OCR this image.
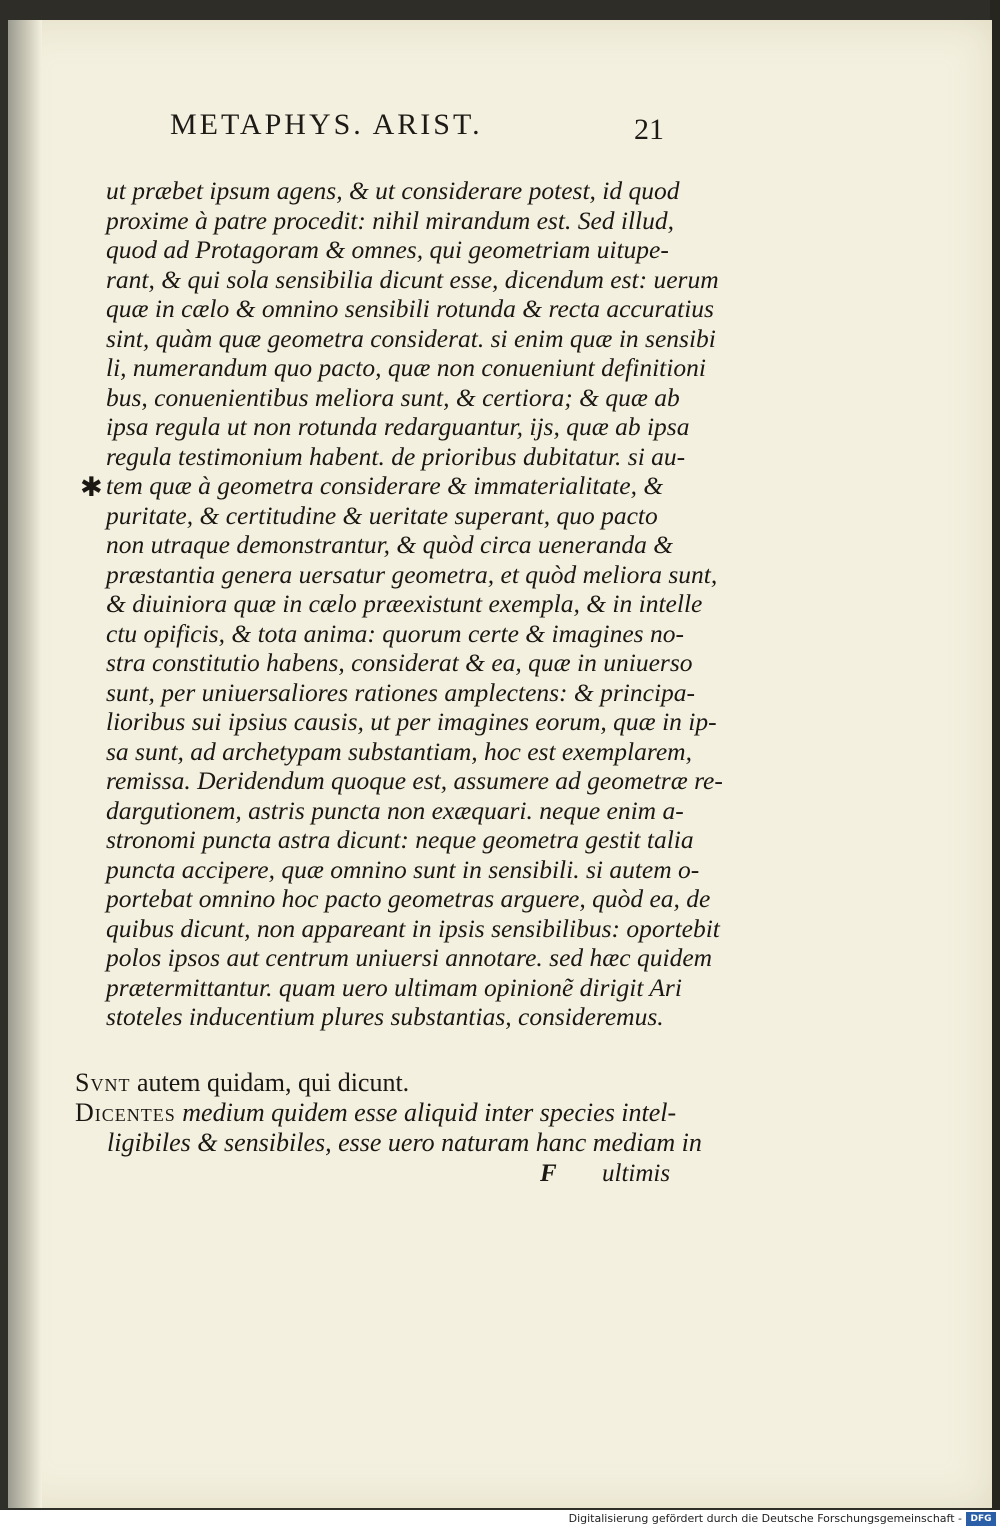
METAPHYS. ARIST.	21
✱
ut præbet ipsum agens, & ut considerare potest, id quod
proxime à patre procedit: nihil mirandum est. Sed illud,
quod ad Protagoram & omnes, qui geometriam uitupe-
rant, & qui sola sensibilia dicunt esse, dicendum est: uerum
quæ in cælo & omnino sensibili rotunda & recta accuratius
sint, quàm quæ geometra considerat. si enim quæ in sensibi
li, numerandum quo pacto, quæ non conueniunt definitioni
bus, conuenientibus meliora sunt, & certiora; & quæ ab
ipsa regula ut non rotunda redarguantur, ijs, quæ ab ipsa
regula testimonium habent. de prioribus dubitatur. si au-
tem quæ à geometra considerare & immaterialitate, &
puritate, & certitudine & ueritate superant, quo pacto
non utraque demonstrantur, & quòd circa ueneranda &
præstantia genera uersatur geometra, et quòd meliora sunt,
& diuiniora quæ in cælo præexistunt exempla, & in intelle
ctu opificis, & tota anima: quorum certe & imagines no-
stra constitutio habens, considerat & ea, quæ in uniuerso
sunt, per uniuersaliores rationes amplectens: & principa-
lioribus sui ipsius causis, ut per imagines eorum, quæ in ip-
sa sunt, ad archetypam substantiam, hoc est exemplarem,
remissa. Deridendum quoque est, assumere ad geometræ re-
dargutionem, astris puncta non exæquari. neque enim a-
stronomi puncta astra dicunt: neque geometra gestit talia
puncta accipere, quæ omnino sunt in sensibili. si autem o-
portebat omnino hoc pacto geometras arguere, quòd ea, de
quibus dicunt, non appareant in ipsis sensibilibus: oportebit
polos ipsos aut centrum uniuersi annotare. sed hæc quidem
prætermittantur. quam uero ultimam opinionẽ dirigit Ari
stoteles inducentium plures substantias, consideremus.
Svnt autem quidam, qui dicunt.
Dicentes medium quidem esse aliquid inter species intel-
ligibiles & sensibiles, esse uero naturam hanc mediam in
F ultimis
Digitalisierung gefördert durch die Deutsche Forschungsgemeinschaft - DFG
